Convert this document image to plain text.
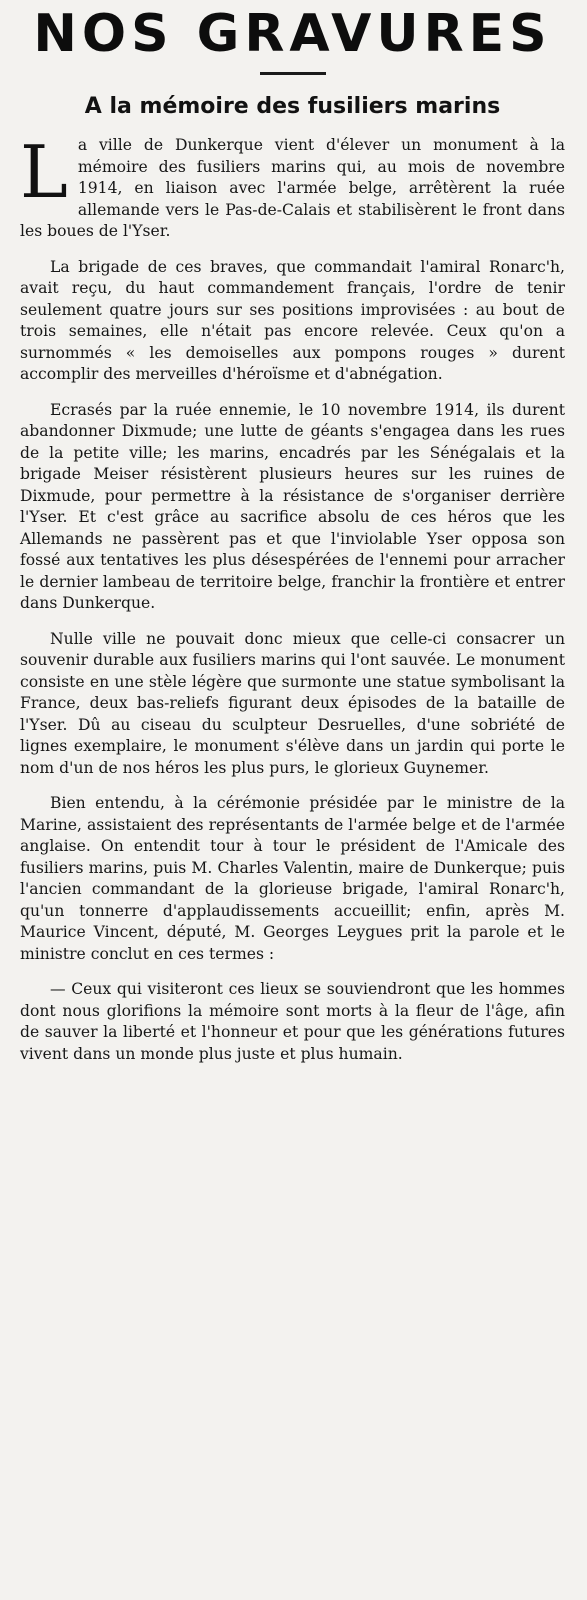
NOS GRAVURES
A la mémoire des fusiliers marins

La ville de Dunkerque vient d'élever un monument à la mémoire des fusiliers marins qui, au mois de novembre 1914, en liaison avec l'armée belge, arrêtèrent la ruée allemande vers le Pas-de-Calais et stabilisèrent le front dans les boues de l'Yser.

La brigade de ces braves, que commandait l'amiral Ronarc'h, avait reçu, du haut commandement français, l'ordre de tenir seulement quatre jours sur ses positions improvisées : au bout de trois semaines, elle n'était pas encore relevée. Ceux qu'on a surnommés « les demoiselles aux pompons rouges » durent accomplir des merveilles d'héroïsme et d'abnégation.

Ecrasés par la ruée ennemie, le 10 novembre 1914, ils durent abandonner Dixmude; une lutte de géants s'engagea dans les rues de la petite ville; les marins, encadrés par les Sénégalais et la brigade Meiser résistèrent plusieurs heures sur les ruines de Dixmude, pour permettre à la résistance de s'organiser derrière l'Yser. Et c'est grâce au sacrifice absolu de ces héros que les Allemands ne passèrent pas et que l'inviolable Yser opposa son fossé aux tentatives les plus désespérées de l'ennemi pour arracher le dernier lambeau de territoire belge, franchir la frontière et entrer dans Dunkerque.

Nulle ville ne pouvait donc mieux que celle-ci consacrer un souvenir durable aux fusiliers marins qui l'ont sauvée. Le monument consiste en une stèle légère que surmonte une statue symbolisant la France, deux bas-reliefs figurant deux épisodes de la bataille de l'Yser. Dû au ciseau du sculpteur Desruelles, d'une sobriété de lignes exemplaire, le monument s'élève dans un jardin qui porte le nom d'un de nos héros les plus purs, le glorieux Guynemer.

Bien entendu, à la cérémonie présidée par le ministre de la Marine, assistaient des représentants de l'armée belge et de l'armée anglaise. On entendit tour à tour le président de l'Amicale des fusiliers marins, puis M. Charles Valentin, maire de Dunkerque; puis l'ancien commandant de la glorieuse brigade, l'amiral Ronarc'h, qu'un tonnerre d'applaudissements accueillit; enfin, après M. Maurice Vincent, député, M. Georges Leygues prit la parole et le ministre conclut en ces termes :

— Ceux qui visiteront ces lieux se souviendront que les hommes dont nous glorifions la mémoire sont morts à la fleur de l'âge, afin de sauver la liberté et l'honneur et pour que les générations futures vivent dans un monde plus juste et plus humain.
